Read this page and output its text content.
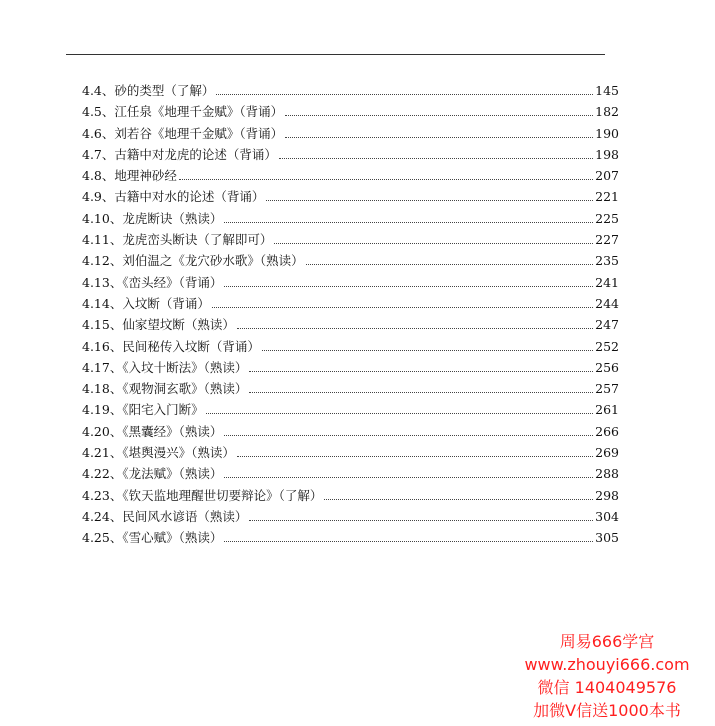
4.4、砂的类型（了解）	145
4.5、江任泉《地理千金赋》（背诵）	182
4.6、刘若谷《地理千金赋》（背诵）	190
4.7、古籍中对龙虎的论述（背诵）	198
4.8、地理神砂经	207
4.9、古籍中对水的论述（背诵）	221
4.10、龙虎断诀（熟读）	225
4.11、龙虎峦头断诀（了解即可）	227
4.12、刘伯温之《龙穴砂水歌》（熟读）	235
4.13、《峦头经》（背诵）	241
4.14、入坟断（背诵）	244
4.15、仙家望坟断（熟读）	247
4.16、民间秘传入坟断（背诵）	252
4.17、《入坟十断法》（熟读）	256
4.18、《观物洞玄歌》（熟读）	257
4.19、《阳宅入门断》	261
4.20、《黑囊经》（熟读）	266
4.21、《堪舆漫兴》（熟读）	269
4.22、《龙法赋》（熟读）	288
4.23、《钦天监地理醒世切要辩论》（了解）	298
4.24、民间风水谚语（熟读）	304
4.25、《雪心赋》（熟读）	305
周易666学宫
www.zhouyi666.com
微信 1404049576
加微V信送1000本书
